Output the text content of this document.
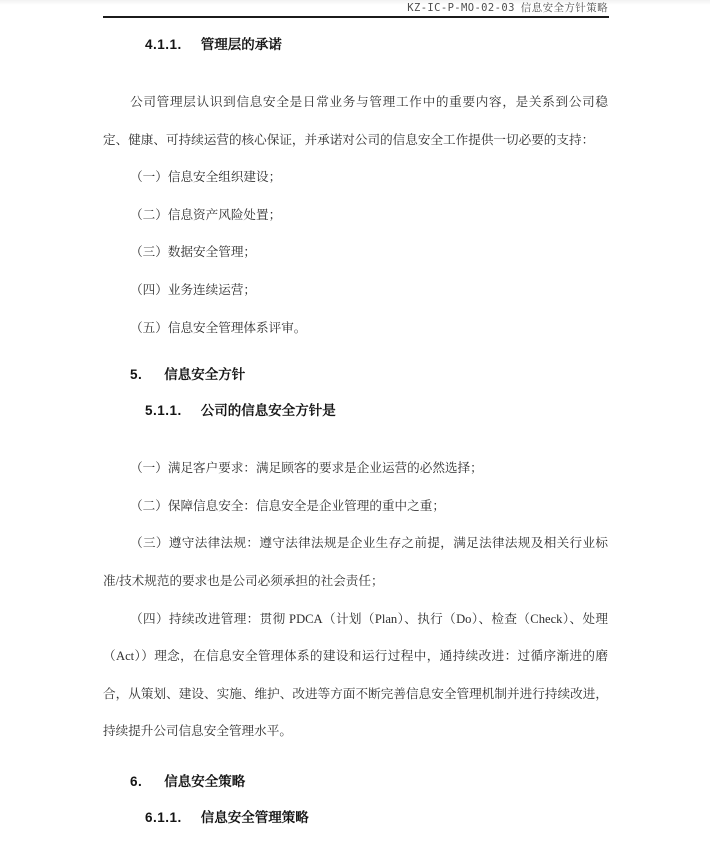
KZ-IC-P-MO-02-03 信息安全方针策略

4.1.1. 管理层的承诺

公司管理层认识到信息安全是日常业务与管理工作中的重要内容，是关系到公司稳定、健康、可持续运营的核心保证，并承诺对公司的信息安全工作提供一切必要的支持：

（一）信息安全组织建设；

（二）信息资产风险处置；

（三）数据安全管理；

（四）业务连续运营；

（五）信息安全管理体系评审。

5. 信息安全方针

5.1.1. 公司的信息安全方针是

（一）满足客户要求：满足顾客的要求是企业运营的必然选择；

（二）保障信息安全：信息安全是企业管理的重中之重；

（三）遵守法律法规：遵守法律法规是企业生存之前提，满足法律法规及相关行业标准/技术规范的要求也是公司必须承担的社会责任；

（四）持续改进管理：贯彻 PDCA（计划（Plan）、执行（Do）、检查（Check）、处理（Act））理念，在信息安全管理体系的建设和运行过程中，通持续改进：过循序渐进的磨合，从策划、建设、实施、维护、改进等方面不断完善信息安全管理机制并进行持续改进，持续提升公司信息安全管理水平。

6. 信息安全策略

6.1.1. 信息安全管理策略
